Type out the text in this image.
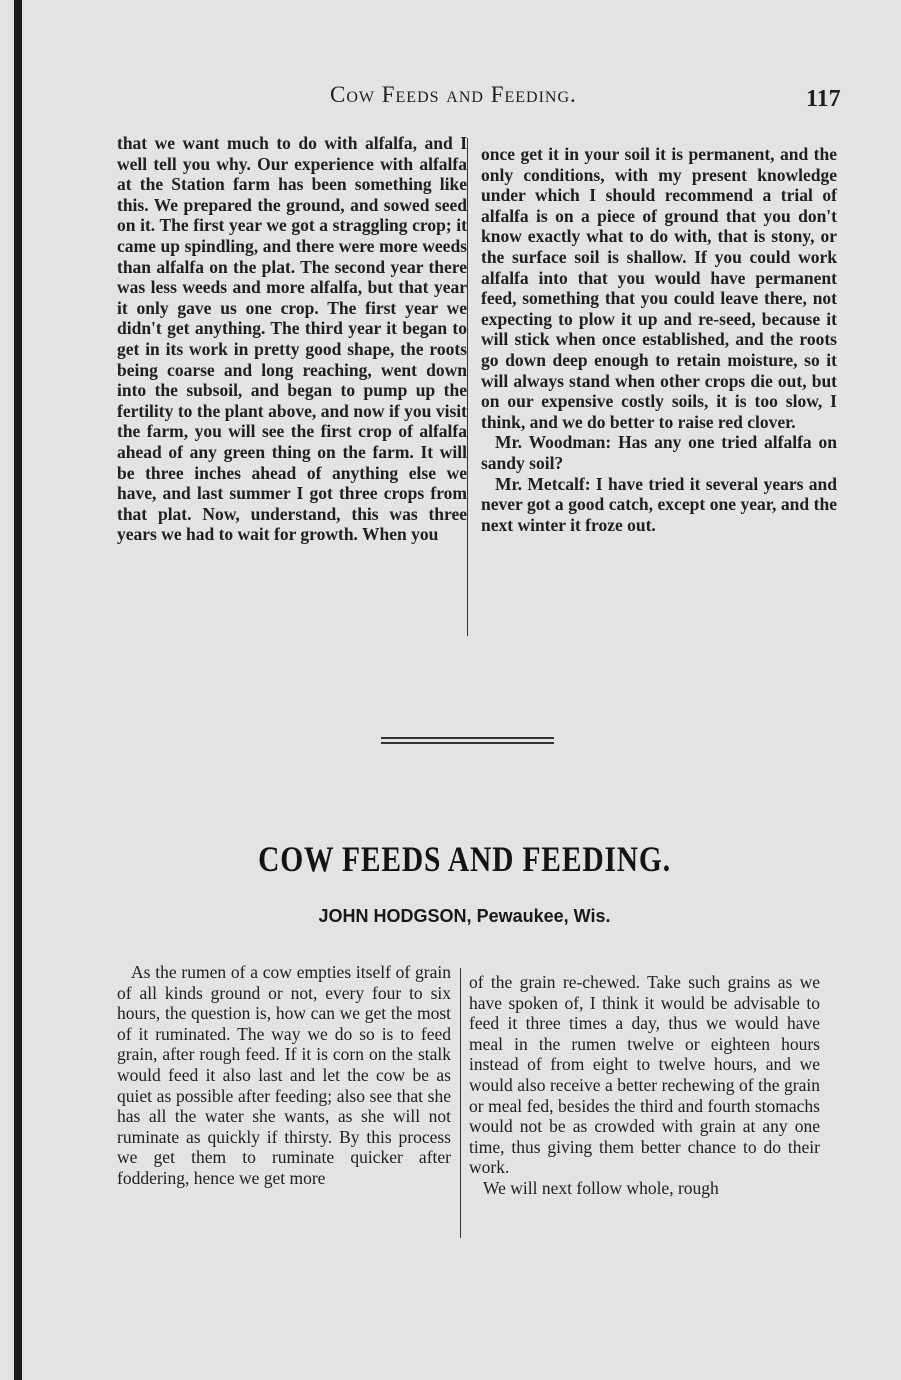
Cow Feeds and Feeding.	117

that we want much to do with alfalfa, and I well tell you why. Our experience with alfalfa at the Station farm has been something like this. We prepared the ground, and sowed seed on it. The first year we got a straggling crop; it came up spindling, and there were more weeds than alfalfa on the plat. The second year there was less weeds and more alfalfa, but that year it only gave us one crop. The first year we didn't get anything. The third year it began to get in its work in pretty good shape, the roots being coarse and long reaching, went down into the subsoil, and began to pump up the fertility to the plant above, and now if you visit the farm, you will see the first crop of alfalfa ahead of any green thing on the farm. It will be three inches ahead of anything else we have, and last summer I got three crops from that plat. Now, understand, this was three years we had to wait for growth. When you

once get it in your soil it is permanent, and the only conditions, with my present knowledge under which I should recommend a trial of alfalfa is on a piece of ground that you don't know exactly what to do with, that is stony, or the surface soil is shallow. If you could work alfalfa into that you would have permanent feed, something that you could leave there, not expecting to plow it up and re-seed, because it will stick when once established, and the roots go down deep enough to retain moisture, so it will always stand when other crops die out, but on our expensive costly soils, it is too slow, I think, and we do better to raise red clover.

Mr. Woodman: Has any one tried alfalfa on sandy soil?

Mr. Metcalf: I have tried it several years and never got a good catch, except one year, and the next winter it froze out.

COW FEEDS AND FEEDING.
JOHN HODGSON, Pewaukee, Wis.

As the rumen of a cow empties itself of grain of all kinds ground or not, every four to six hours, the question is, how can we get the most of it ruminated. The way we do so is to feed grain, after rough feed. If it is corn on the stalk would feed it also last and let the cow be as quiet as possible after feeding; also see that she has all the water she wants, as she will not ruminate as quickly if thirsty. By this process we get them to ruminate quicker after foddering, hence we get more

of the grain re-chewed. Take such grains as we have spoken of, I think it would be advisable to feed it three times a day, thus we would have meal in the rumen twelve or eighteen hours instead of from eight to twelve hours, and we would also receive a better rechewing of the grain or meal fed, besides the third and fourth stomachs would not be as crowded with grain at any one time, thus giving them better chance to do their work.

We will next follow whole, rough
